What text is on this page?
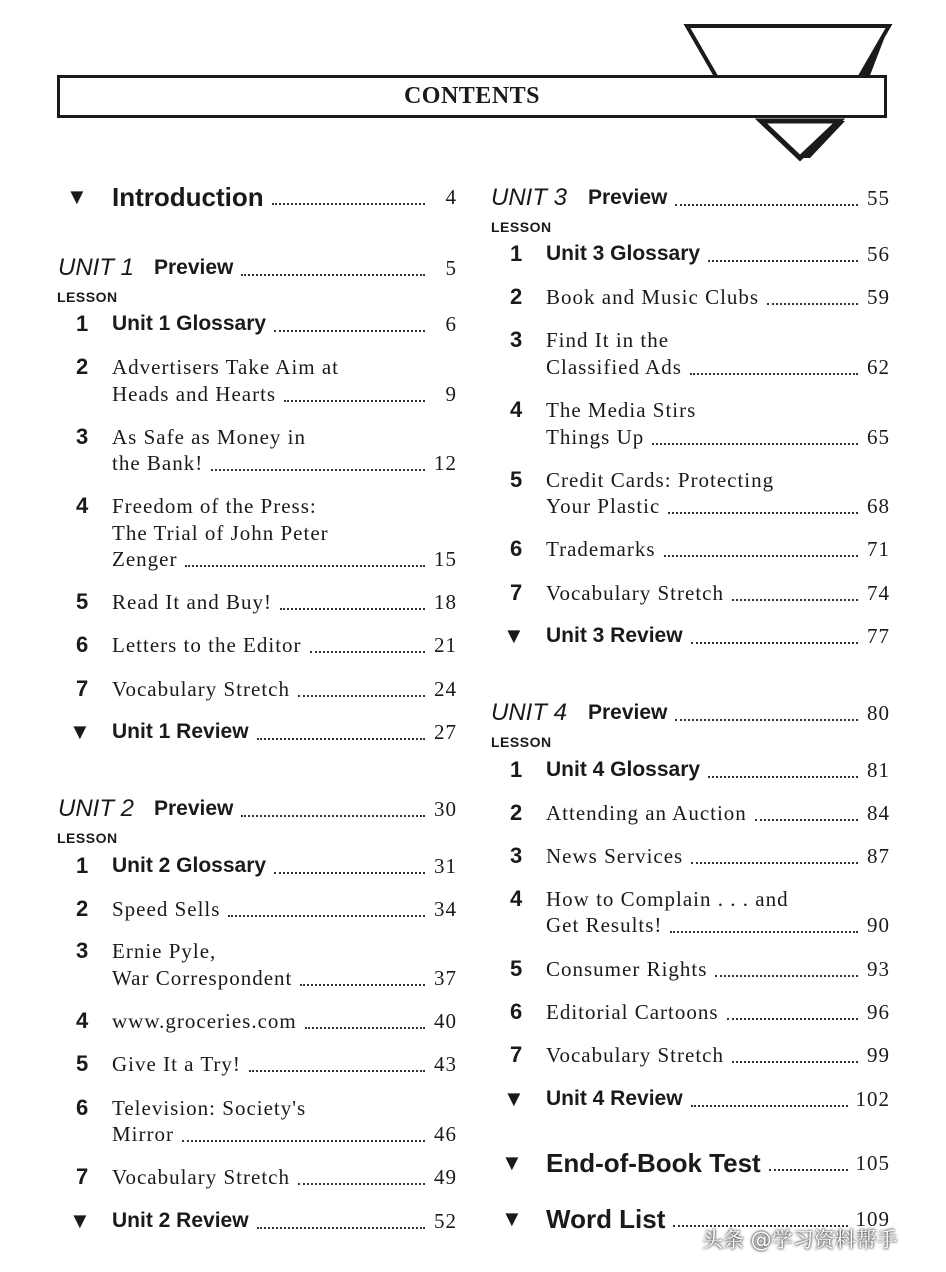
CONTENTS
▼ Introduction	4
UNIT 1 Preview	5
LESSON
1 Unit 1 Glossary	6
2 Advertisers Take Aim at
Heads and Hearts	9
3 As Safe as Money in
the Bank!	12
4 Freedom of the Press:
The Trial of John Peter
Zenger	15
5 Read It and Buy!	18
6 Letters to the Editor	21
7 Vocabulary Stretch	24
▼ Unit 1 Review	27
UNIT 2 Preview	30
LESSON
1 Unit 2 Glossary	31
2 Speed Sells	34
3 Ernie Pyle,
War Correspondent	37
4 www.groceries.com	40
5 Give It a Try!	43
6 Television: Society's
Mirror	46
7 Vocabulary Stretch	49
▼ Unit 2 Review	52
UNIT 3 Preview	55
LESSON
1 Unit 3 Glossary	56
2 Book and Music Clubs	59
3 Find It in the
Classified Ads	62
4 The Media Stirs
Things Up	65
5 Credit Cards: Protecting
Your Plastic	68
6 Trademarks	71
7 Vocabulary Stretch	74
▼ Unit 3 Review	77
UNIT 4 Preview	80
LESSON
1 Unit 4 Glossary	81
2 Attending an Auction	84
3 News Services	87
4 How to Complain . . . and
Get Results!	90
5 Consumer Rights	93
6 Editorial Cartoons	96
7 Vocabulary Stretch	99
▼ Unit 4 Review	102
▼ End-of-Book Test	105
▼ Word List	109
头条 @学习资料帮手
